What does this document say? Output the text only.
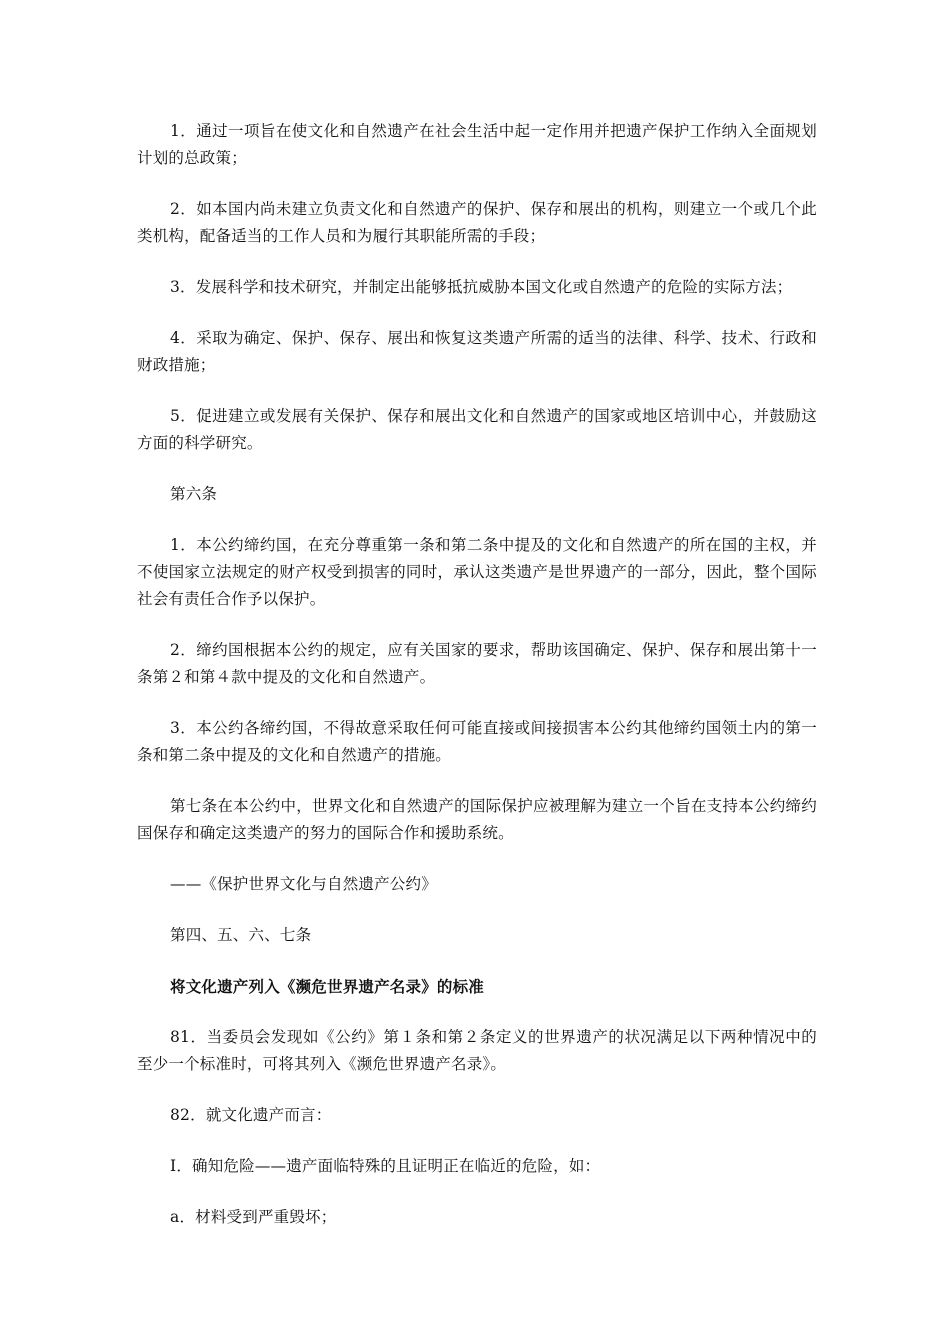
1．通过一项旨在使文化和自然遗产在社会生活中起一定作用并把遗产保护工作纳入全面规划计划的总政策；

2．如本国内尚未建立负责文化和自然遗产的保护、保存和展出的机构，则建立一个或几个此类机构，配备适当的工作人员和为履行其职能所需的手段；

3．发展科学和技术研究，并制定出能够抵抗威胁本国文化或自然遗产的危险的实际方法；

4．采取为确定、保护、保存、展出和恢复这类遗产所需的适当的法律、科学、技术、行政和财政措施；

5．促进建立或发展有关保护、保存和展出文化和自然遗产的国家或地区培训中心，并鼓励这方面的科学研究。

第六条

1．本公约缔约国，在充分尊重第一条和第二条中提及的文化和自然遗产的所在国的主权，并不使国家立法规定的财产权受到损害的同时，承认这类遗产是世界遗产的一部分，因此，整个国际社会有责任合作予以保护。

2．缔约国根据本公约的规定，应有关国家的要求，帮助该国确定、保护、保存和展出第十一条第２和第４款中提及的文化和自然遗产。

3．本公约各缔约国，不得故意采取任何可能直接或间接损害本公约其他缔约国领土内的第一条和第二条中提及的文化和自然遗产的措施。

第七条在本公约中，世界文化和自然遗产的国际保护应被理解为建立一个旨在支持本公约缔约国保存和确定这类遗产的努力的国际合作和援助系统。

——《保护世界文化与自然遗产公约》

第四、五、六、七条

将文化遗产列入《濒危世界遗产名录》的标准

81．当委员会发现如《公约》第１条和第２条定义的世界遗产的状况满足以下两种情况中的至少一个标准时，可将其列入《濒危世界遗产名录》。

82．就文化遗产而言：

Ⅰ．确知危险——遗产面临特殊的且证明正在临近的危险，如：

a．材料受到严重毁坏；
